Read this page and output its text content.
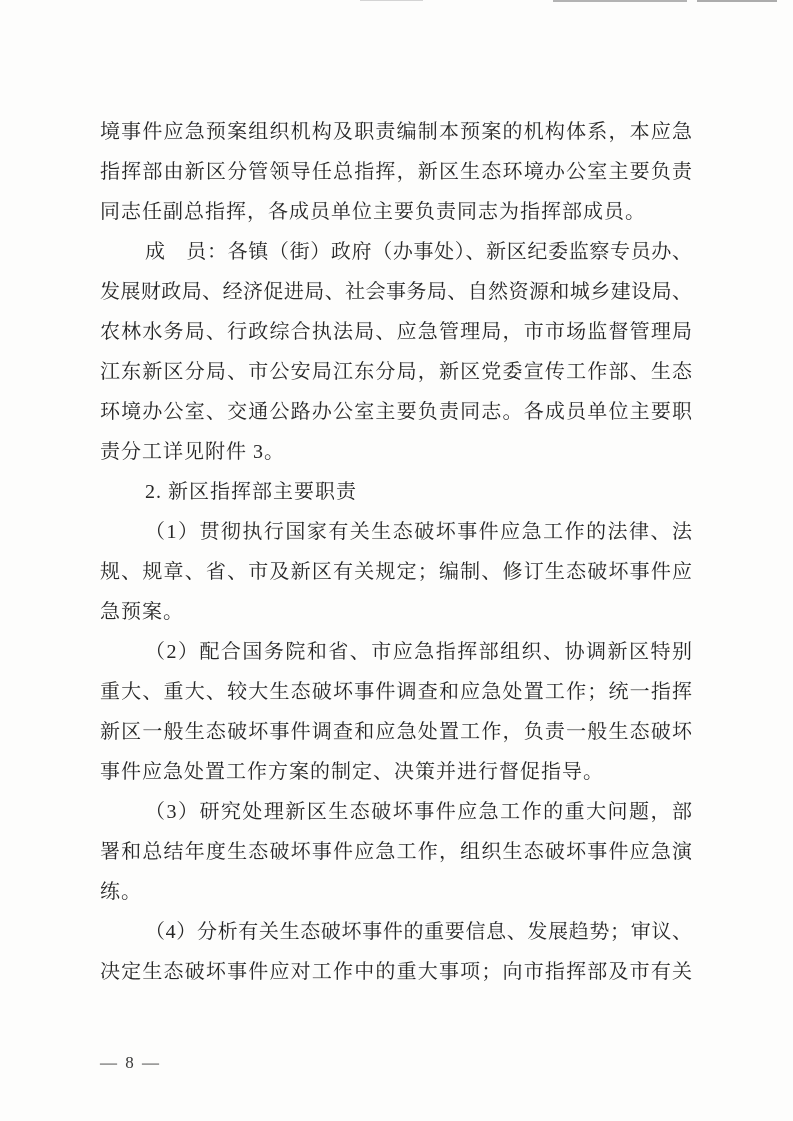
境事件应急预案组织机构及职责编制本预案的机构体系，本应急
指挥部由新区分管领导任总指挥，新区生态环境办公室主要负责
同志任副总指挥，各成员单位主要负责同志为指挥部成员。
成　员：各镇（街）政府（办事处）、新区纪委监察专员办、
发展财政局、经济促进局、社会事务局、自然资源和城乡建设局、
农林水务局、行政综合执法局、应急管理局，市市场监督管理局
江东新区分局、市公安局江东分局，新区党委宣传工作部、生态
环境办公室、交通公路办公室主要负责同志。各成员单位主要职
责分工详见附件 3。
2. 新区指挥部主要职责
（1）贯彻执行国家有关生态破坏事件应急工作的法律、法
规、规章、省、市及新区有关规定；编制、修订生态破坏事件应
急预案。
（2）配合国务院和省、市应急指挥部组织、协调新区特别
重大、重大、较大生态破坏事件调查和应急处置工作；统一指挥
新区一般生态破坏事件调查和应急处置工作，负责一般生态破坏
事件应急处置工作方案的制定、决策并进行督促指导。
（3）研究处理新区生态破坏事件应急工作的重大问题，部
署和总结年度生态破坏事件应急工作，组织生态破坏事件应急演
练。
（4）分析有关生态破坏事件的重要信息、发展趋势；审议、
决定生态破坏事件应对工作中的重大事项；向市指挥部及市有关
— 8 —
